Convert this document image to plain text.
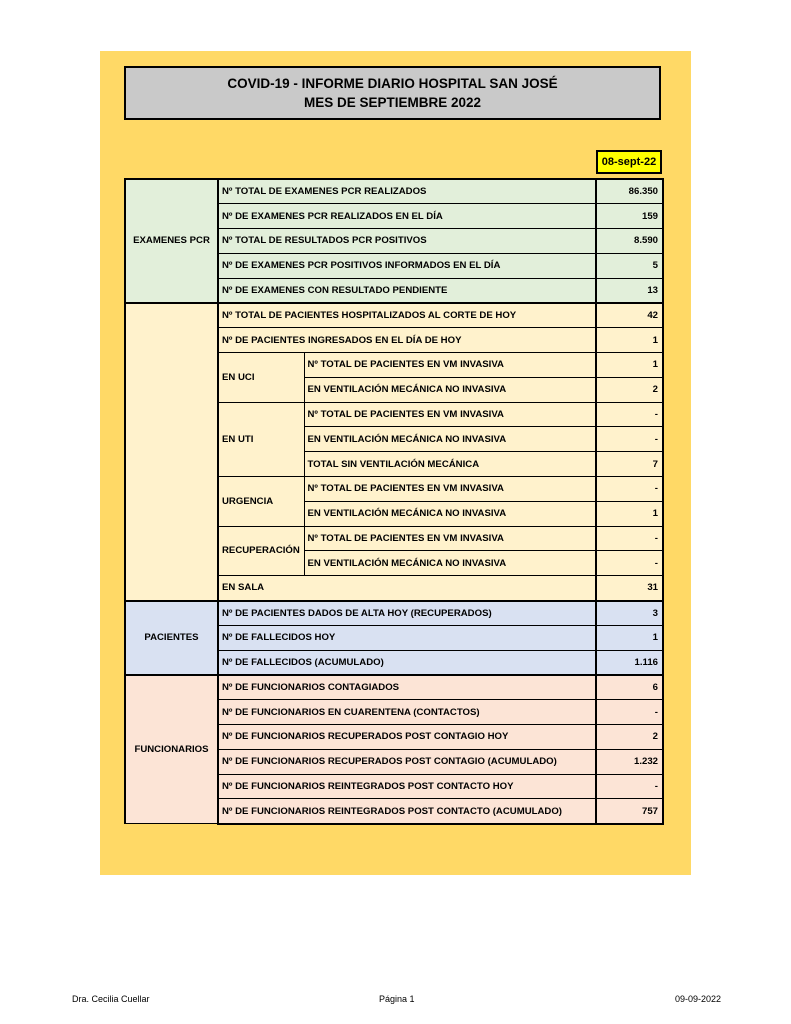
COVID-19 - INFORME DIARIO HOSPITAL SAN JOSÉ
MES DE SEPTIEMBRE 2022
08-sept-22
EXAMENES PCR	Nº TOTAL DE EXAMENES PCR REALIZADOS		86.350
	Nº DE EXAMENES PCR REALIZADOS EN EL DÍA		159
	Nº TOTAL DE RESULTADOS PCR POSITIVOS		8.590
	Nº DE EXAMENES PCR POSITIVOS INFORMADOS EN EL DÍA		5
	Nº DE EXAMENES CON RESULTADO PENDIENTE		13
	Nº TOTAL DE PACIENTES HOSPITALIZADOS AL CORTE DE HOY		42
	Nº DE PACIENTES INGRESADOS EN EL DÍA DE HOY		1
	EN UCI	Nº TOTAL DE PACIENTES EN VM INVASIVA	1
		EN VENTILACIÓN MECÁNICA NO INVASIVA	2
	EN UTI	Nº TOTAL DE PACIENTES EN VM INVASIVA	-
		EN VENTILACIÓN MECÁNICA NO INVASIVA	-
		TOTAL SIN VENTILACIÓN MECÁNICA	7
	URGENCIA	Nº TOTAL DE PACIENTES EN VM INVASIVA	-
		EN VENTILACIÓN MECÁNICA NO INVASIVA	1
	RECUPERACIÓN	Nº TOTAL DE PACIENTES EN VM INVASIVA	-
		EN VENTILACIÓN MECÁNICA NO INVASIVA	-
	EN SALA		31
PACIENTES	Nº DE PACIENTES DADOS DE ALTA HOY (RECUPERADOS)		3
	Nº DE FALLECIDOS HOY		1
	Nº DE FALLECIDOS (ACUMULADO)		1.116
FUNCIONARIOS	Nº DE FUNCIONARIOS CONTAGIADOS		6
	Nº DE FUNCIONARIOS EN CUARENTENA (CONTACTOS)		-
	Nº DE FUNCIONARIOS RECUPERADOS POST CONTAGIO HOY		2
	Nº DE FUNCIONARIOS RECUPERADOS POST CONTAGIO (ACUMULADO)		1.232
	Nº DE FUNCIONARIOS REINTEGRADOS POST CONTACTO HOY		-
	Nº DE FUNCIONARIOS REINTEGRADOS POST CONTACTO (ACUMULADO)		757
Dra. Cecilia Cuellar	Página 1	09-09-2022
